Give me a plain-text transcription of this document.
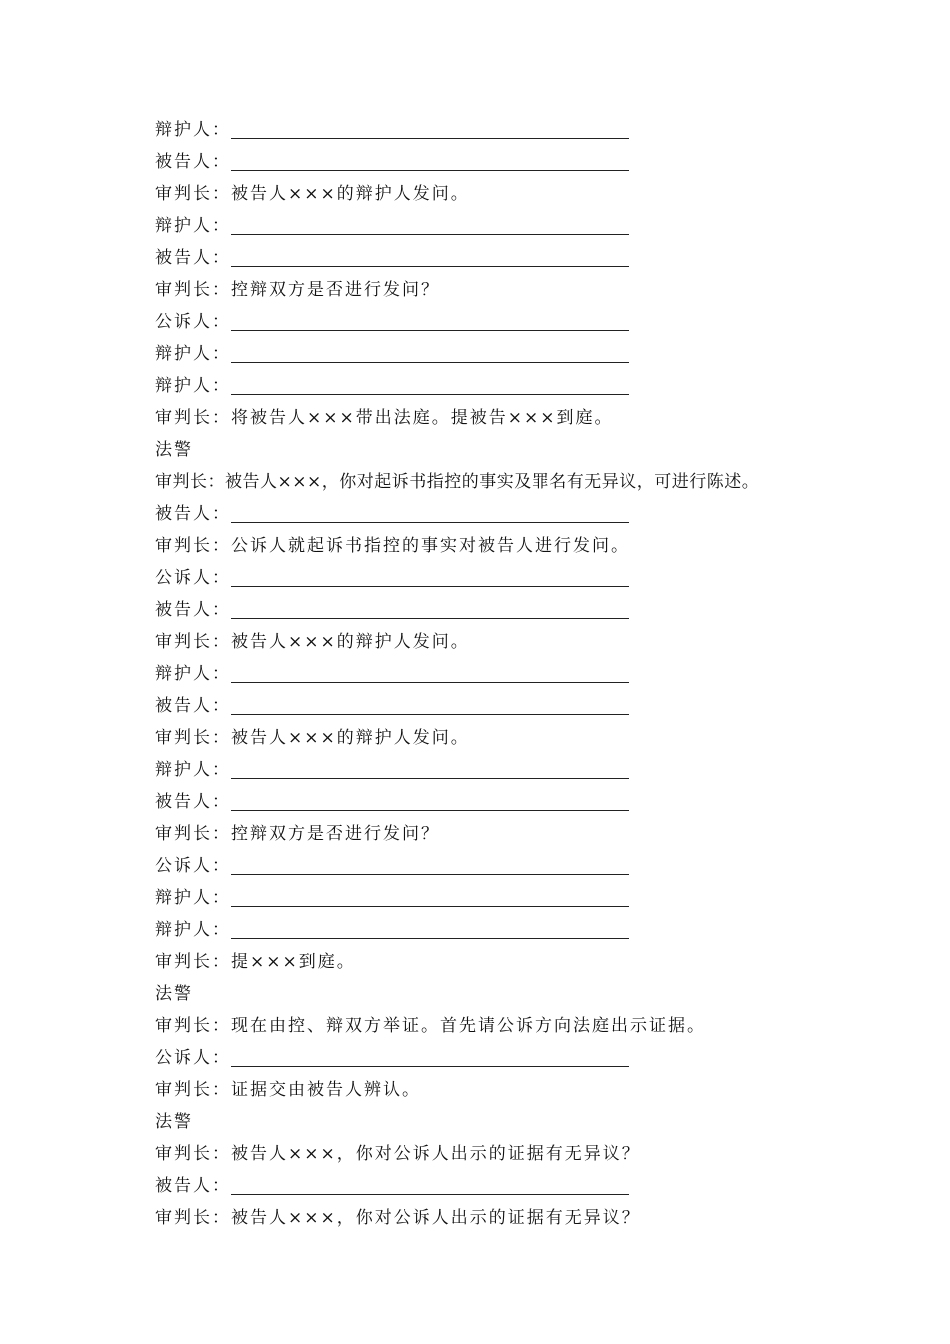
辩护人：
被告人：
审判长：被告人×××的辩护人发问。
辩护人：
被告人：
审判长：控辩双方是否进行发问？
公诉人：
辩护人：
辩护人：
审判长：将被告人×××带出法庭。提被告×××到庭。
法警
审判长：被告人×××，你对起诉书指控的事实及罪名有无异议，可进行陈述。
被告人：
审判长：公诉人就起诉书指控的事实对被告人进行发问。
公诉人：
被告人：
审判长：被告人×××的辩护人发问。
辩护人：
被告人：
审判长：被告人×××的辩护人发问。
辩护人：
被告人：
审判长：控辩双方是否进行发问？
公诉人：
辩护人：
辩护人：
审判长：提×××到庭。
法警
审判长：现在由控、辩双方举证。首先请公诉方向法庭出示证据。
公诉人：
审判长：证据交由被告人辨认。
法警
审判长：被告人×××，你对公诉人出示的证据有无异议？
被告人：
审判长：被告人×××，你对公诉人出示的证据有无异议？
